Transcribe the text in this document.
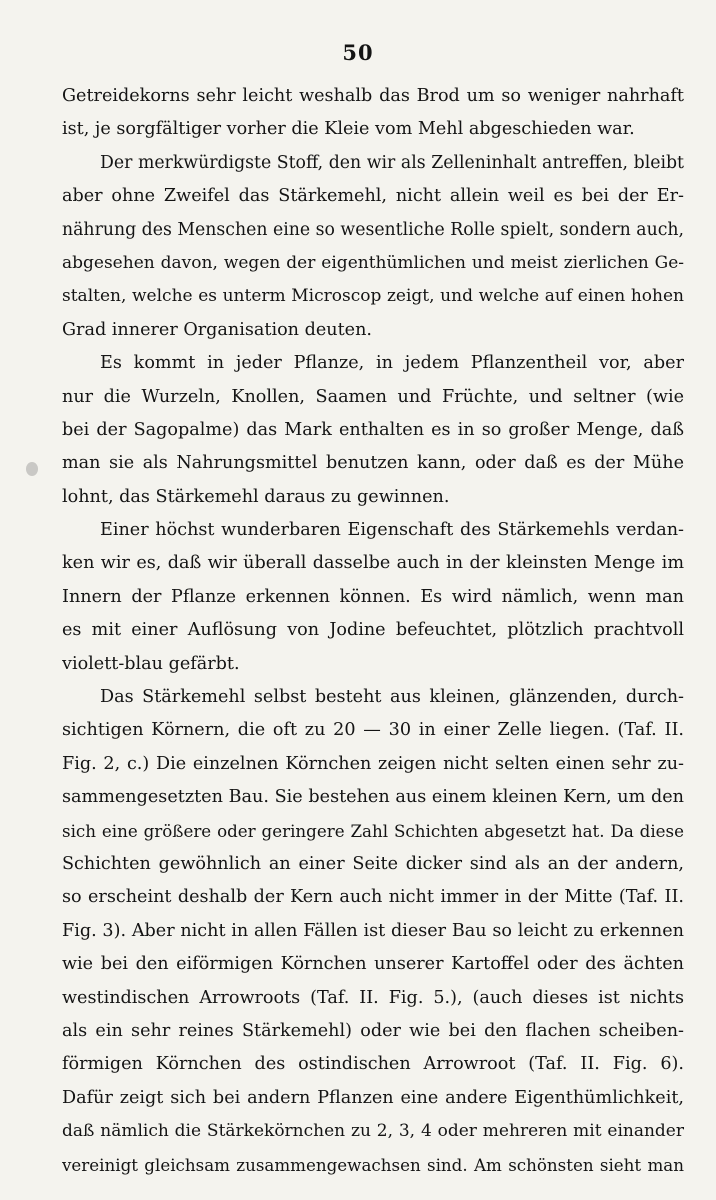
50
Getreidekorns sehr leicht weshalb das Brod um so weniger nahrhaft
ist, je sorgfältiger vorher die Kleie vom Mehl abgeschieden war.
Der merkwürdigste Stoff, den wir als Zelleninhalt antreffen, bleibt
aber ohne Zweifel das Stärkemehl, nicht allein weil es bei der Er-
nährung des Menschen eine so wesentliche Rolle spielt, sondern auch,
abgesehen davon, wegen der eigenthümlichen und meist zierlichen Ge-
stalten, welche es unterm Microscop zeigt, und welche auf einen hohen
Grad innerer Organisation deuten.
Es kommt in jeder Pflanze, in jedem Pflanzentheil vor, aber
nur die Wurzeln, Knollen, Saamen und Früchte, und seltner (wie
bei der Sagopalme) das Mark enthalten es in so großer Menge, daß
man sie als Nahrungsmittel benutzen kann, oder daß es der Mühe
lohnt, das Stärkemehl daraus zu gewinnen.
Einer höchst wunderbaren Eigenschaft des Stärkemehls verdan-
ken wir es, daß wir überall dasselbe auch in der kleinsten Menge im
Innern der Pflanze erkennen können. Es wird nämlich, wenn man
es mit einer Auflösung von Jodine befeuchtet, plötzlich prachtvoll
violett-blau gefärbt.
Das Stärkemehl selbst besteht aus kleinen, glänzenden, durch-
sichtigen Körnern, die oft zu 20 — 30 in einer Zelle liegen. (Taf. II.
Fig. 2, c.) Die einzelnen Körnchen zeigen nicht selten einen sehr zu-
sammengesetzten Bau. Sie bestehen aus einem kleinen Kern, um den
sich eine größere oder geringere Zahl Schichten abgesetzt hat. Da diese
Schichten gewöhnlich an einer Seite dicker sind als an der andern,
so erscheint deshalb der Kern auch nicht immer in der Mitte (Taf. II.
Fig. 3). Aber nicht in allen Fällen ist dieser Bau so leicht zu erkennen
wie bei den eiförmigen Körnchen unserer Kartoffel oder des ächten
westindischen Arrowroots (Taf. II. Fig. 5.), (auch dieses ist nichts
als ein sehr reines Stärkemehl) oder wie bei den flachen scheiben-
förmigen Körnchen des ostindischen Arrowroot (Taf. II. Fig. 6).
Dafür zeigt sich bei andern Pflanzen eine andere Eigenthümlichkeit,
daß nämlich die Stärkekörnchen zu 2, 3, 4 oder mehreren mit einander
vereinigt gleichsam zusammengewachsen sind. Am schönsten sieht man
